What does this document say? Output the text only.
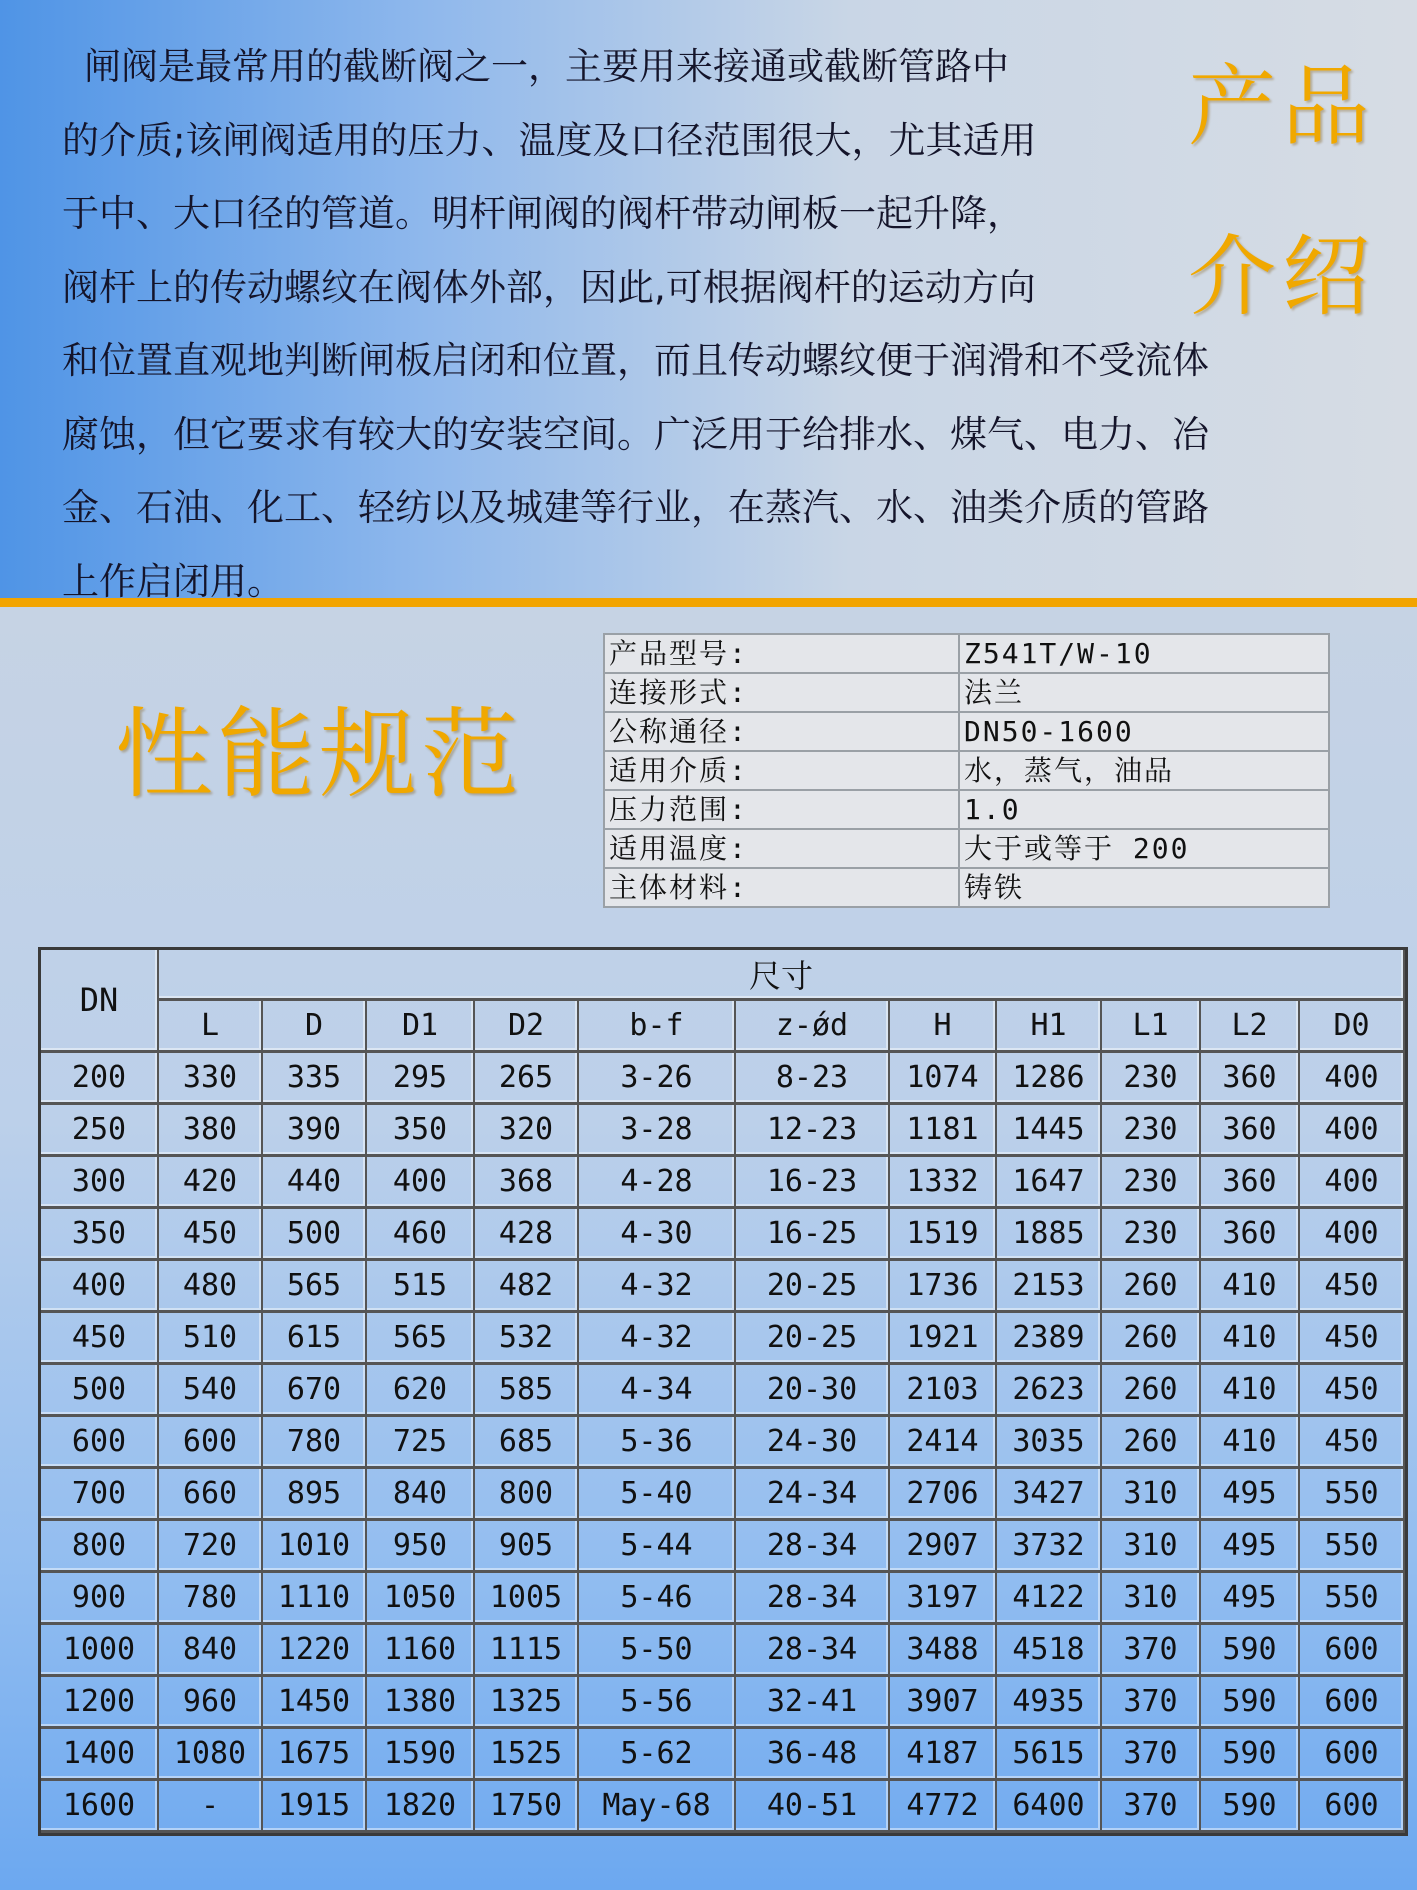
闸阀是最常用的截断阀之一，主要用来接通或截断管路中

的介质;该闸阀适用的压力、温度及口径范围很大，尤其适用

于中、大口径的管道。明杆闸阀的阀杆带动闸板一起升降，

阀杆上的传动螺纹在阀体外部，因此,可根据阀杆的运动方向

和位置直观地判断闸板启闭和位置，而且传动螺纹便于润滑和不受流体

腐蚀，但它要求有较大的安装空间。广泛用于给排水、煤气、电力、冶

金、石油、化工、轻纺以及城建等行业，在蒸汽、水、油类介质的管路

上作启闭用。

产品
介绍
性能规范
产品型号:	Z541T/W-10
连接形式:	法兰
公称通径:	DN50-1600
适用介质:	水，蒸气，油品
压力范围:	1.0
适用温度:	大于或等于 200
主体材料:	铸铁
DN	尺寸										
	L	D	D1	D2	b-f	z-ǿd	H	H1	L1	L2	D0
200	330	335	295	265	3-26	8-23	1074	1286	230	360	400
250	380	390	350	320	3-28	12-23	1181	1445	230	360	400
300	420	440	400	368	4-28	16-23	1332	1647	230	360	400
350	450	500	460	428	4-30	16-25	1519	1885	230	360	400
400	480	565	515	482	4-32	20-25	1736	2153	260	410	450
450	510	615	565	532	4-32	20-25	1921	2389	260	410	450
500	540	670	620	585	4-34	20-30	2103	2623	260	410	450
600	600	780	725	685	5-36	24-30	2414	3035	260	410	450
700	660	895	840	800	5-40	24-34	2706	3427	310	495	550
800	720	1010	950	905	5-44	28-34	2907	3732	310	495	550
900	780	1110	1050	1005	5-46	28-34	3197	4122	310	495	550
1000	840	1220	1160	1115	5-50	28-34	3488	4518	370	590	600
1200	960	1450	1380	1325	5-56	32-41	3907	4935	370	590	600
1400	1080	1675	1590	1525	5-62	36-48	4187	5615	370	590	600
1600	-	1915	1820	1750	May-68	40-51	4772	6400	370	590	600
